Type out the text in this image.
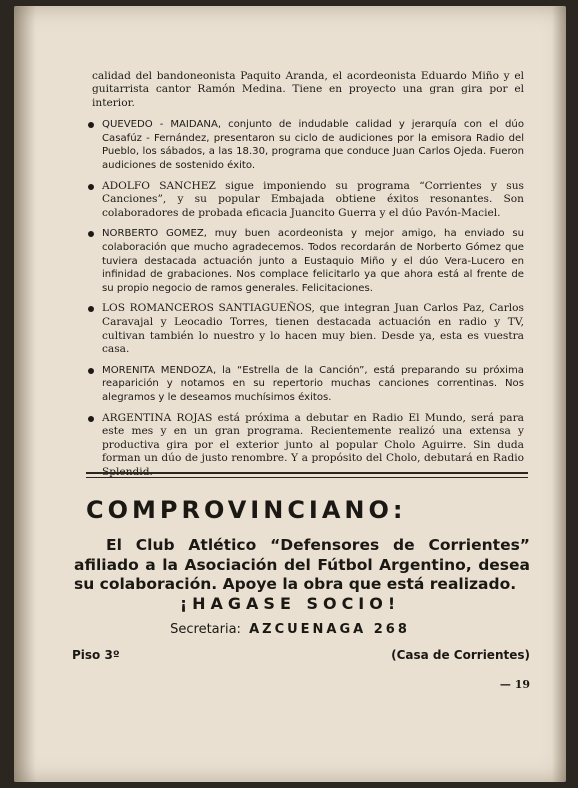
calidad del bandoneonista Paquito Aranda, el acordeonista Eduardo Miño y el guitarrista cantor Ramón Medina. Tiene en proyecto una gran gira por el interior.

QUEVEDO - MAIDANA, conjunto de indudable calidad y jerarquía con el dúo Casafúz - Fernández, presentaron su ciclo de audiciones por la emisora Radio del Pueblo, los sábados, a las 18.30, programa que conduce Juan Carlos Ojeda. Fueron audiciones de sostenido éxito.
ADOLFO SANCHEZ sigue imponiendo su programa “Corrientes y sus Canciones”, y su popular Embajada obtiene éxitos resonantes. Son colaboradores de probada eficacia Juancito Guerra y el dúo Pavón-Maciel.
NORBERTO GOMEZ, muy buen acordeonista y mejor amigo, ha enviado su colaboración que mucho agradecemos. Todos recordarán de Norberto Gómez que tuviera destacada actuación junto a Eustaquio Miño y el dúo Vera-Lucero en infinidad de grabaciones. Nos complace felicitarlo ya que ahora está al frente de su propio negocio de ramos generales. Felicitaciones.
LOS ROMANCEROS SANTIAGUEÑOS, que integran Juan Carlos Paz, Carlos Caravajal y Leocadio Torres, tienen destacada actuación en radio y TV, cultivan también lo nuestro y lo hacen muy bien. Desde ya, esta es vuestra casa.
MORENITA MENDOZA, la “Estrella de la Canción”, está preparando su próxima reaparición y notamos en su repertorio muchas canciones correntinas. Nos alegramos y le deseamos muchísimos éxitos.
ARGENTINA ROJAS está próxima a debutar en Radio El Mundo, será para este mes y en un gran programa. Recientemente realizó una extensa y productiva gira por el exterior junto al popular Cholo Aguirre. Sin duda forman un dúo de justo renombre. Y a propósito del Cholo, debutará en Radio
COMPROVINCIANO:
El Club Atlético “Defensores de Corrientes” afiliado a la Asociación del Fútbol Argentino, desea su colaboración. Apoye la obra que está realizado.
¡HAGASE SOCIO!
Secretaria: AZCUENAGA 268
Piso 3º	(Casa de Corrientes)
— 19
